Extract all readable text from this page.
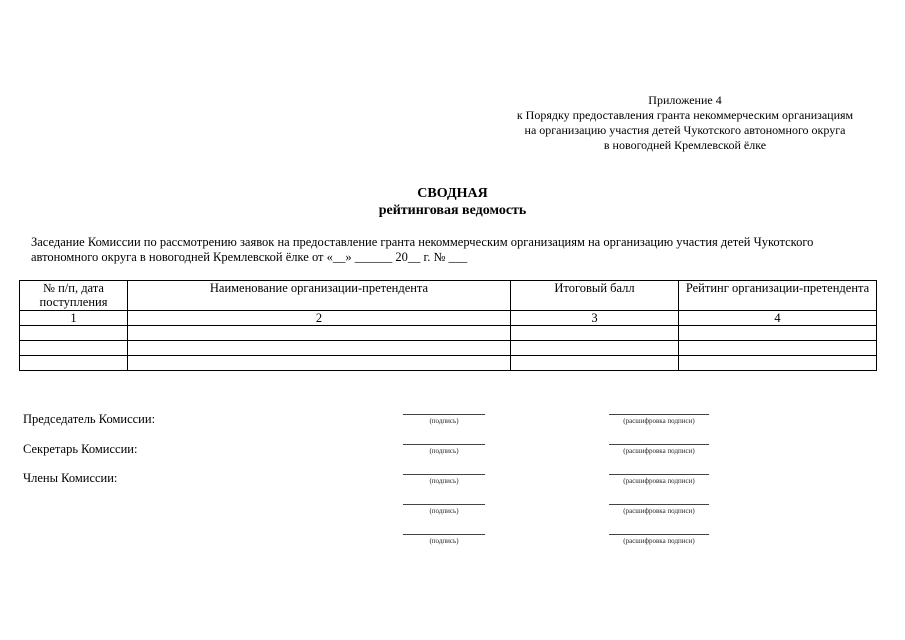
Приложение 4
к Порядку предоставления гранта некоммерческим организациям
на организацию участия детей Чукотского автономного округа
в новогодней Кремлевской ёлке
СВОДНАЯ
рейтинговая ведомость
Заседание Комиссии по рассмотрению заявок на предоставление гранта некоммерческим организациям на организацию участия детей Чукотского
автономного округа в новогодней Кремлевской ёлке от «__» ______ 20__ г. № ___
№ п/п, дата поступления	Наименование организации-претендента	Итоговый балл	Рейтинг организации-претендента
1	2	3	4

Председатель Комиссии:
Секретарь Комиссии:
Члены Комиссии:
(подпись)	(расшифровка подписи)
(подпись)	(расшифровка подписи)
(подпись)	(расшифровка подписи)
(подпись)	(расшифровка подписи)
(подпись)	(расшифровка подписи)
